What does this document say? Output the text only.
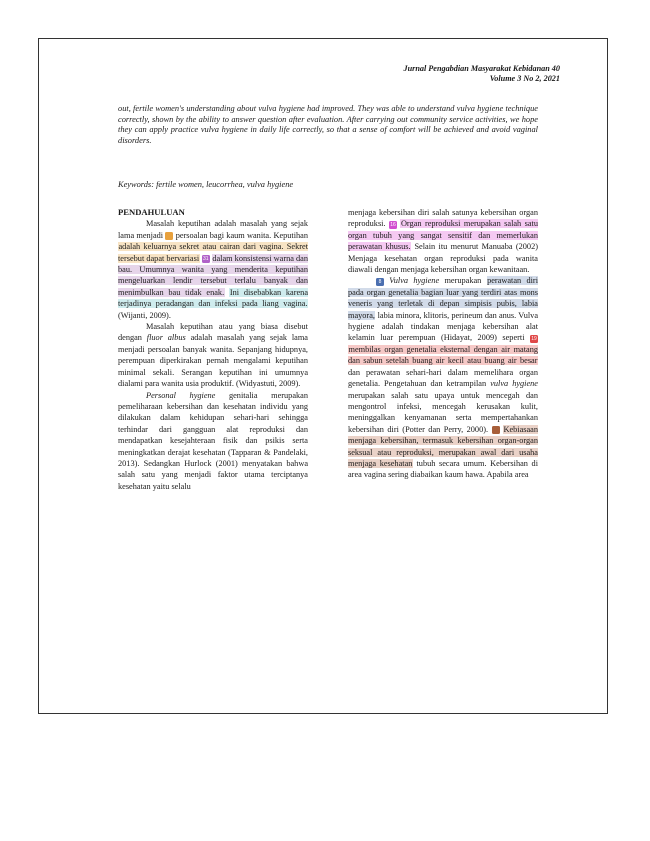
Jurnal Pengabdian Masyarakat Kebidanan 40
Volume 3 No 2, 2021
out, fertile women's understanding about vulva hygiene had improved. They was able to understand vulva hygiene technique correctly, shown by the ability to answer question after evaluation. After carrying out community service activities, we hope they can apply practice vulva hygiene in daily life correctly, so that a sense of comfort will be achieved and avoid vaginal disorders.
Keywords: fertile women, leucorrhea, vulva hygiene

PENDAHULUAN

Masalah keputihan adalah masalah yang sejak lama menjadi persoalan bagi kaum wanita. Keputihan adalah keluarnya sekret atau cairan dari vagina. Sekret tersebut dapat bervariasi 31 dalam konsistensi warna dan bau. Umumnya wanita yang menderita keputihan mengeluarkan lendir tersebut terlalu banyak dan menimbulkan bau tidak enak. Ini disebabkan karena terjadinya peradangan dan infeksi pada liang vagina. (Wijanti, 2009).

Masalah keputihan atau yang biasa disebut dengan fluor albus adalah masalah yang sejak lama menjadi persoalan banyak wanita. Sepanjang hidupnya, perempuan diperkirakan pernah mengalami keputihan minimal sekali. Serangan keputihan ini umumnya dialami para wanita usia produktif. (Widyastuti, 2009).

Personal hygiene genitalia merupakan pemeliharaan kebersihan dan kesehatan individu yang dilakukan dalam kehidupan sehari-hari sehingga terhindar dari gangguan alat reproduksi dan mendapatkan kesejahteraan fisik dan psikis serta meningkatkan derajat kesehatan (Tapparan & Pandelaki, 2013). Sedangkan Hurlock (2001) menyatakan bahwa salah satu yang menjadi faktor utama terciptanya kesehatan yaitu selalu

menjaga kebersihan diri salah satunya kebersihan organ reproduksi. 16 Organ reproduksi merupakan salah satu organ tubuh yang sangat sensitif dan memerlukan perawatan khusus. Selain itu menurut Manuaba (2002) Menjaga kesehatan organ reproduksi pada wanita diawali dengan menjaga kebersihan organ kewanitaan.

8 Vulva hygiene merupakan perawatan diri pada organ genetalia bagian luar yang terdiri atas mons veneris yang terletak di depan simpisis pubis, labia mayora, labia minora, klitoris, perineum dan anus. Vulva hygiene adalah tindakan menjaga kebersihan alat kelamin luar perempuan (Hidayat, 2009) seperti 19 membilas organ genetalia eksternal dengan air matang dan sabun setelah buang air kecil atau buang air besar dan perawatan sehari-hari dalam memelihara organ genetalia. Pengetahuan dan ketrampilan vulva hygiene merupakan salah satu upaya untuk mencegah dan mengontrol infeksi, mencegah kerusakan kulit, meninggalkan kenyamanan serta mempertahankan kebersihan diri (Potter dan Perry, 2000). Kebiasaan menjaga kebersihan, termasuk kebersihan organ-organ seksual atau reproduksi, merupakan awal dari usaha menjaga kesehatan tubuh secara umum. Kebersihan di area vagina sering diabaikan kaum hawa. Apabila area
